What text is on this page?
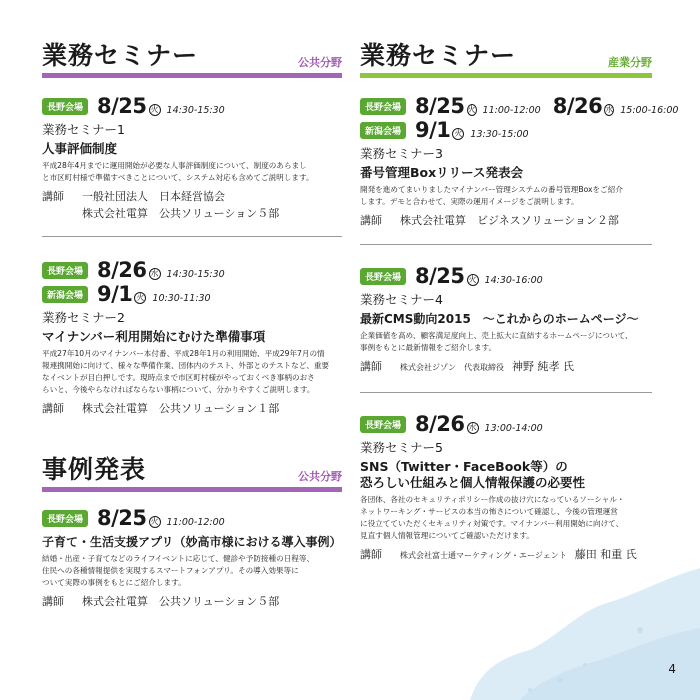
業務セミナー	公共分野
長野会場 8/25 火 14:30-15:30
業務セミナー1
人事評価制度
平成28年4月までに運用開始が必要な人事評価制度について、制度のあらまし
と市区町村様で準備すべきことについて、システム対応も含めてご説明します。
講師 一般社団法人　日本経営協会
株式会社電算　公共ソリューション５部
長野会場 8/26 水 14:30-15:30
新潟会場 9/1 火 10:30-11:30
業務セミナー2
マイナンバー利用開始にむけた準備事項
平成27年10月のマイナンバー本付番、平成28年1月の利用開始、平成29年7月の情
報連携開始に向けて、様々な準備作業、団体内のテスト、外部とのテストなど、重要
なイベントが目白押しです。現時点まで市区町村様がやっておくべき事柄のおさ
らいと、今後やらなければならない事柄について、分かりやすくご説明します。
講師 株式会社電算　公共ソリューション１部
事例発表	公共分野
長野会場 8/25 火 11:00-12:00
子育て・生活支援アプリ（妙高市様における導入事例）
結婚・出産・子育てなどのライフイベントに応じて、健診や予防接種の日程等、
住民への各種情報提供を実現するスマートフォンアプリ。その導入効果等に
ついて実際の事例をもとにご紹介します。
講師 株式会社電算　公共ソリューション５部
業務セミナー	産業分野
長野会場 8/25 火 11:00-12:00 8/26 水 15:00-16:00
新潟会場 9/1 火 13:30-15:00
業務セミナー3
番号管理Boxリリース発表会
開発を進めてまいりましたマイナンバー管理システムの番号管理Boxをご紹介
します。デモと合わせて、実際の運用イメージをご説明します。
講師 株式会社電算　ビジネスソリューション２部
長野会場 8/25 火 14:30-16:00
業務セミナー4
最新CMS動向2015　～これからのホームページ～
企業価値を高め、顧客満足度向上、売上拡大に直結するホームページについて、
事例をもとに最新情報をご紹介します。
講師 株式会社ジゾン　代表取締役 神野 純孝 氏
長野会場 8/26 水 13:00-14:00
業務セミナー5
SNS（Twitter・FaceBook等）の
恐ろしい仕組みと個人情報保護の必要性
各団体、各社のセキュリティポリシー作成の抜け穴になっているソーシャル・
ネットワーキング・サービスの本当の怖さについて確認し、今後の管理運営
に役立てていただくセキュリティ対策です。マイナンバー利用開始に向けて、
見直す個人情報管理についてご確認いただけます。
講師 株式会社富士通マーケティング・エージェント 藤田 和重 氏
4
